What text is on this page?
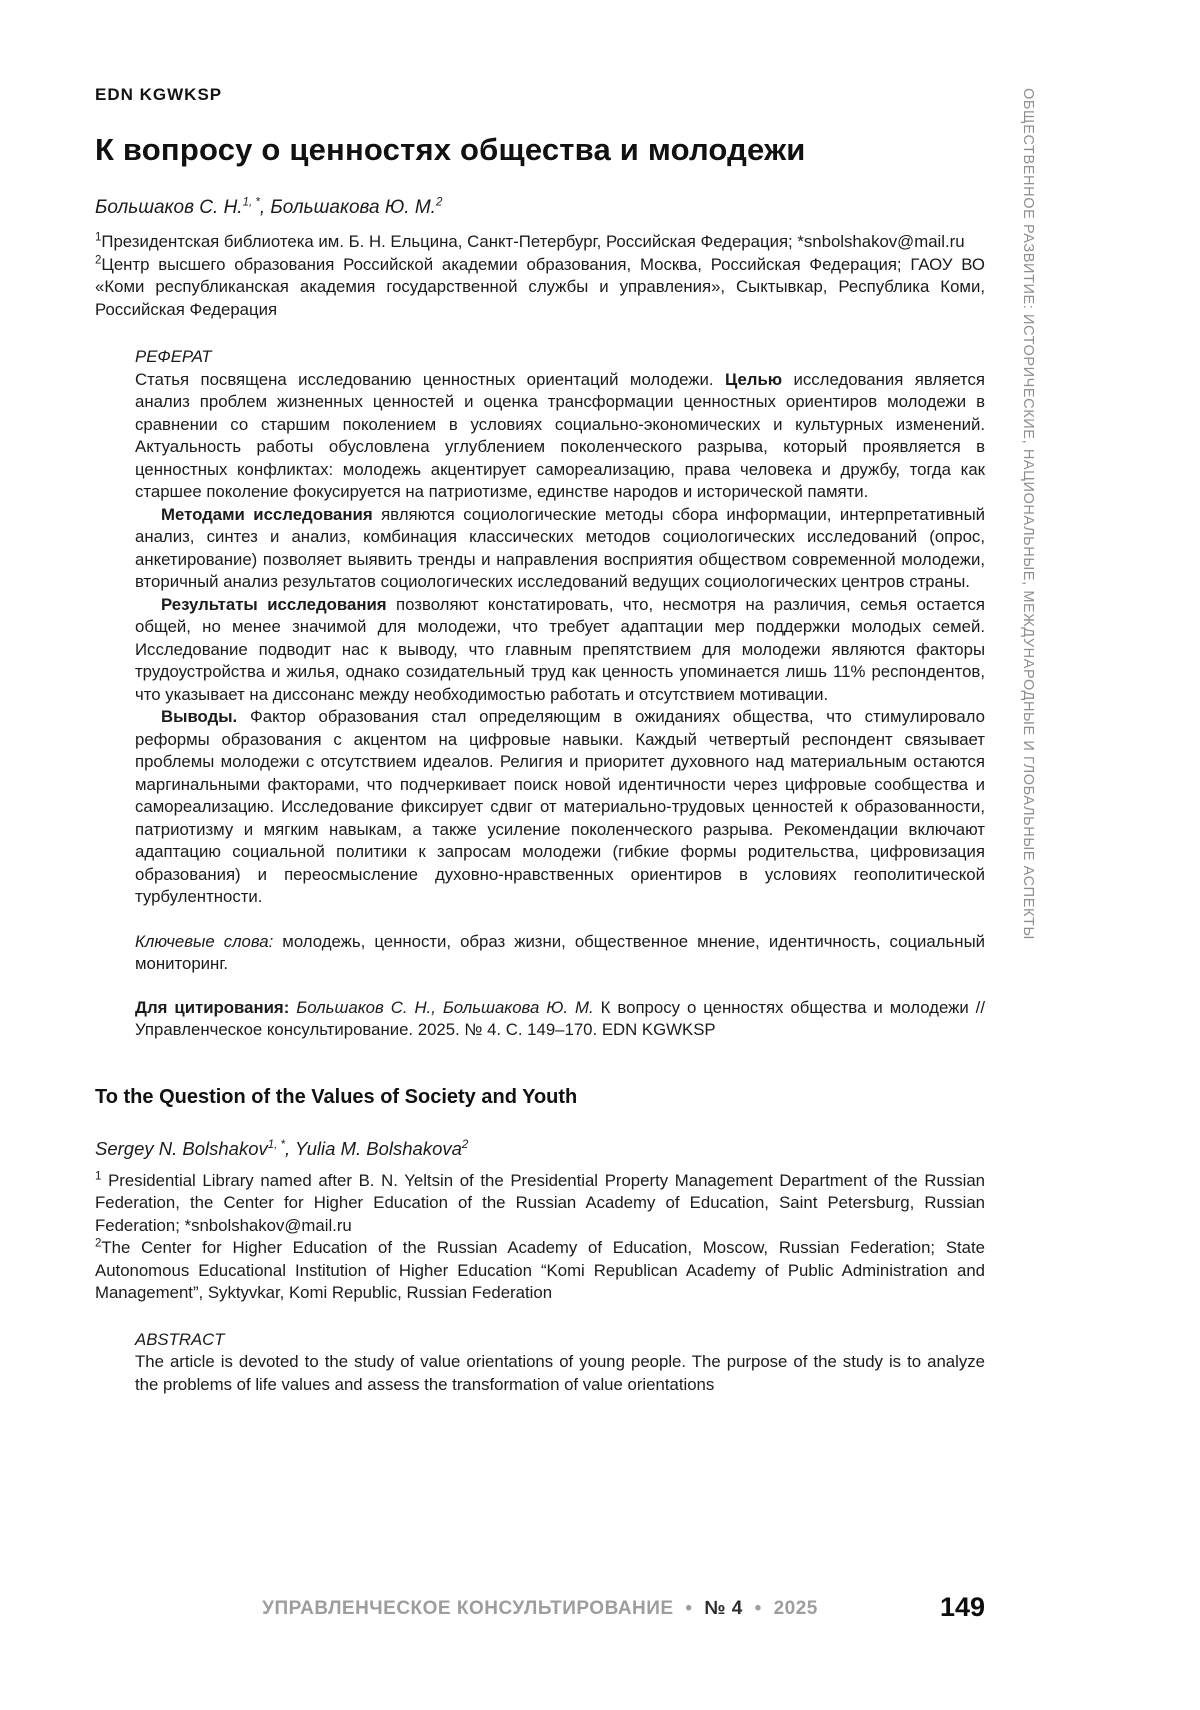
ОБЩЕСТВЕННОЕ РАЗВИТИЕ: ИСТОРИЧЕСКИЕ, НАЦИОНАЛЬНЫЕ, МЕЖДУНАРОДНЫЕ И ГЛОБАЛЬНЫЕ АСПЕКТЫ
EDN KGWKSP
К вопросу о ценностях общества и молодежи

Большаков С. Н.$^{1, *}$, Большакова Ю. М.$^2$

$^1$Президентская библиотека им. Б. Н. Ельцина, Санкт-Петербург, Российская Федерация; *snbolshakov@mail.ru

$^2$Центр высшего образования Российской академии образования, Москва, Российская Федерация; ГАОУ ВО «Коми республиканская академия государственной службы и управления», Сыктывкар, Республика Коми, Российская Федерация

РЕФЕРАТ

Статья посвящена исследованию ценностных ориентаций молодежи. Целью исследования является анализ проблем жизненных ценностей и оценка трансформации ценностных ориентиров молодежи в сравнении со старшим поколением в условиях социально-экономических и культурных изменений. Актуальность работы обусловлена углублением поколенческого разрыва, который проявляется в ценностных конфликтах: молодежь акцентирует самореализацию, права человека и дружбу, тогда как старшее поколение фокусируется на патриотизме, единстве народов и исторической памяти.

Методами исследования являются социологические методы сбора информации, интерпретативный анализ, синтез и анализ, комбинация классических методов социологических исследований (опрос, анкетирование) позволяет выявить тренды и направления восприятия обществом современной молодежи, вторичный анализ результатов социологических исследований ведущих социологических центров страны.

Результаты исследования позволяют констатировать, что, несмотря на различия, семья остается общей, но менее значимой для молодежи, что требует адаптации мер поддержки молодых семей. Исследование подводит нас к выводу, что главным препятствием для молодежи являются факторы трудоустройства и жилья, однако созидательный труд как ценность упоминается лишь 11% респондентов, что указывает на диссонанс между необходимостью работать и отсутствием мотивации.

Выводы. Фактор образования стал определяющим в ожиданиях общества, что стимулировало реформы образования с акцентом на цифровые навыки. Каждый четвертый респондент связывает проблемы молодежи с отсутствием идеалов. Религия и приоритет духовного над материальным остаются маргинальными факторами, что подчеркивает поиск новой идентичности через цифровые сообщества и самореализацию. Исследование фиксирует сдвиг от материально-трудовых ценностей к образованности, патриотизму и мягким навыкам, а также усиление поколенческого разрыва. Рекомендации включают адаптацию социальной политики к запросам молодежи (гибкие формы родительства, цифровизация образования) и переосмысление духовно-нравственных ориентиров в условиях геополитической турбулентности.

Ключевые слова: молодежь, ценности, образ жизни, общественное мнение, идентичность, социальный мониторинг.

Для цитирования: Большаков С. Н., Большакова Ю. М. К вопросу о ценностях общества и молодежи // Управленческое консультирование. 2025. № 4. С. 149–170. EDN KGWKSP

To the Question of the Values of Society and Youth

Sergey N. Bolshakov$^{1, *}$, Yulia M. Bolshakova$^2$

$^1$ Presidential Library named after B. N. Yeltsin of the Presidential Property Management Department of the Russian Federation, the Center for Higher Education of the Russian Academy of Education, Saint Petersburg, Russian Federation; *snbolshakov@mail.ru

$^2$The Center for Higher Education of the Russian Academy of Education, Moscow, Russian Federation; State Autonomous Educational Institution of Higher Education “Komi Republican Academy of Public Administration and Management”, Syktyvkar, Komi Republic, Russian Federation

ABSTRACT

The article is devoted to the study of value orientations of young people. The purpose of the study is to analyze the problems of life values and assess the transformation of value orientations

УПРАВЛЕНЧЕСКОЕ КОНСУЛЬТИРОВАНИЕ • № 4 • 2025	149
